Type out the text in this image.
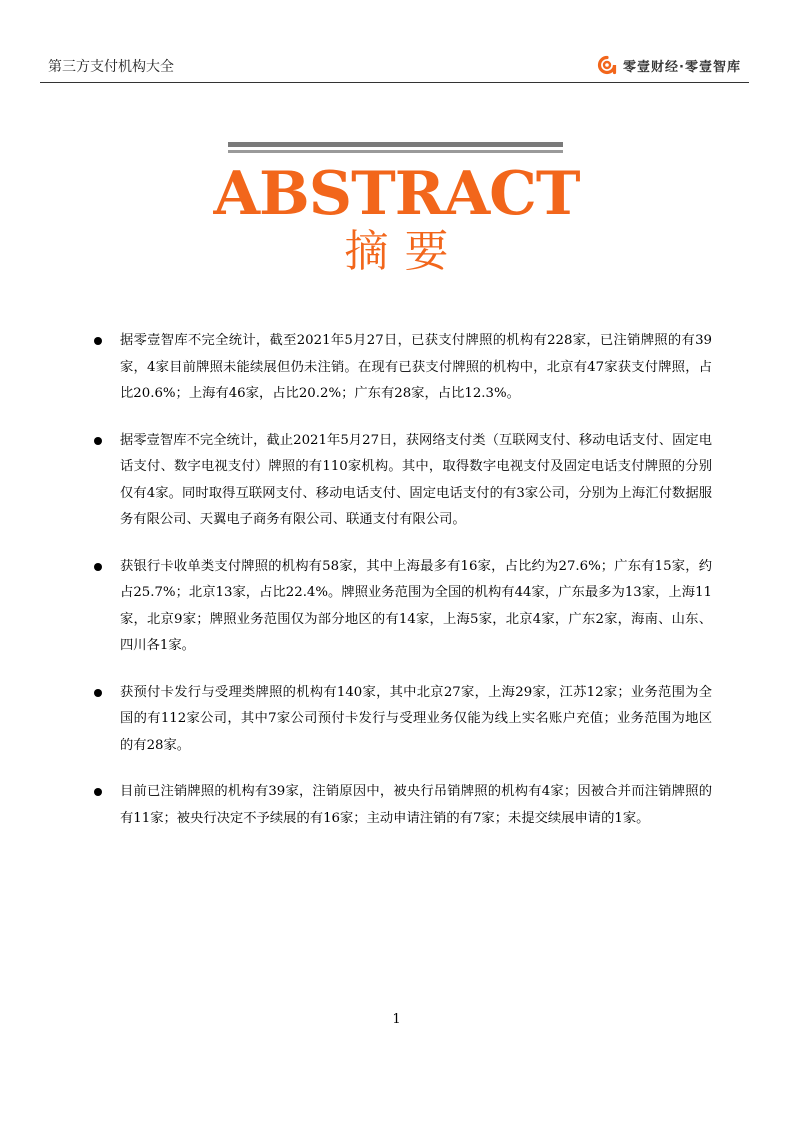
第三方支付机构大全	零壹财经·零壹智库
ABSTRACT
摘要
据零壹智库不完全统计，截至2021年5月27日，已获支付牌照的机构有228家，已注销牌照的有39家，4家目前牌照未能续展但仍未注销。在现有已获支付牌照的机构中，北京有47家获支付牌照，占比20.6%；上海有46家，占比20.2%；广东有28家，占比12.3%。
据零壹智库不完全统计，截止2021年5月27日，获网络支付类（互联网支付、移动电话支付、固定电话支付、数字电视支付）牌照的有110家机构。其中，取得数字电视支付及固定电话支付牌照的分别仅有4家。同时取得互联网支付、移动电话支付、固定电话支付的有3家公司，分别为上海汇付数据服务有限公司、天翼电子商务有限公司、联通支付有限公司。
获银行卡收单类支付牌照的机构有58家，其中上海最多有16家，占比约为27.6%；广东有15家，约占25.7%；北京13家，占比22.4%。牌照业务范围为全国的机构有44家，广东最多为13家，上海11家，北京9家；牌照业务范围仅为部分地区的有14家，上海5家，北京4家，广东2家，海南、山东、四川各1家。
获预付卡发行与受理类牌照的机构有140家，其中北京27家，上海29家，江苏12家；业务范围为全国的有112家公司，其中7家公司预付卡发行与受理业务仅能为线上实名账户充值；业务范围为地区的有28家。
目前已注销牌照的机构有39家，注销原因中，被央行吊销牌照的机构有4家；因被合并而注销牌照的有11家；被央行决定不予续展的有16家；主动申请注销的有7家；未提交续展申请的1家。
1
